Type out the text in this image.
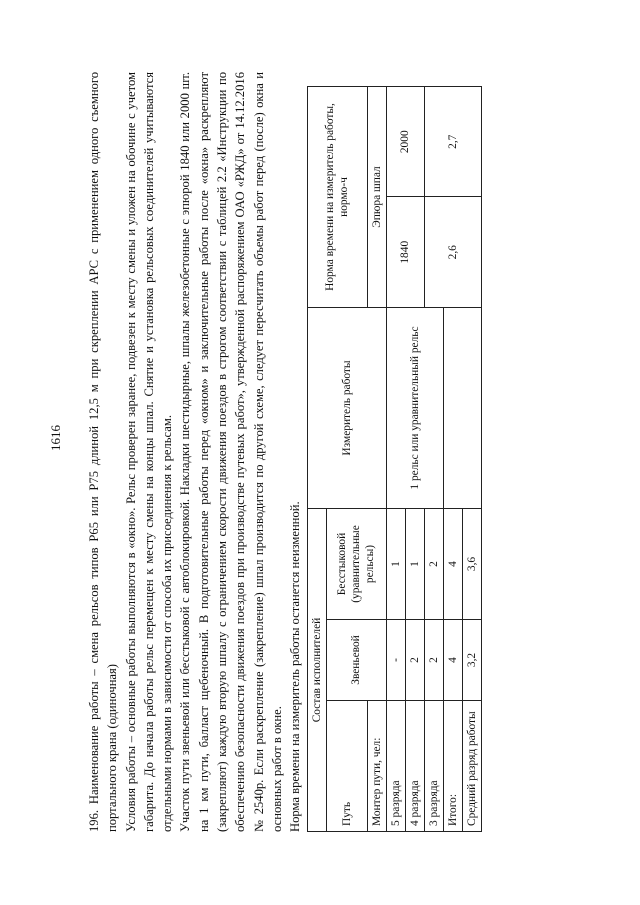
1616 196. Наименование работы – смена рельсов типов Р65 или Р75 длиной 12,5 м при скреплении АРС с применением одного съемного портального крана (одиночная) Условия работы – основные работы выполняются в «окно». Рельс проверен заранее, подвезен к месту смены и уложен на обочине с учетом габарита. До начала работы рельс перемещен к месту смены на концы шпал. Снятие и установка рельсовых соединителей учитываются отдельными нормами в зависимости от способа их присоединения к рельсам. Участок пути звеньевой или бесстыковой с автоблокировкой. Накладки шестидырные, шпалы железобетонные с эпюрой 1840 или 2000 шт. на 1 км пути, балласт щебеночный. В подготовительные работы перед «окном» и заключительные работы после «окна» раскрепляют (закрепляют) каждую вторую шпалу с ограничением скорости движения поездов в строгом соответствии с таблицей 2.2 «Инструкции по обеспечению безопасности движения поездов при производстве путевых работ», утвержденной распоряжением ОАО «РЖД» от 14.12.2016 № 2540р. Если раскрепление (закрепление) шпал производится по другой схеме, следует пересчитать объемы работ перед (после) окна и основных работ в окне. Норма времени на измеритель работы останется неизменной. Состав исполнителей			Измеритель работы	Норма времени на измеритель работы, нормо-ч	
Путь	Звеньевой	Бесстыковой (уравнительные рельсы)			
Монтер пути, чел:				Эпюра шпал	
5 разряда	-	1	1 рельс или уравнительный рельс	1840	2000
4 разряда	2	1			
3 разряда	2	2		2,6	2,7
Итого:	4	4			
Средний разряд работы	3,2	3,6			
